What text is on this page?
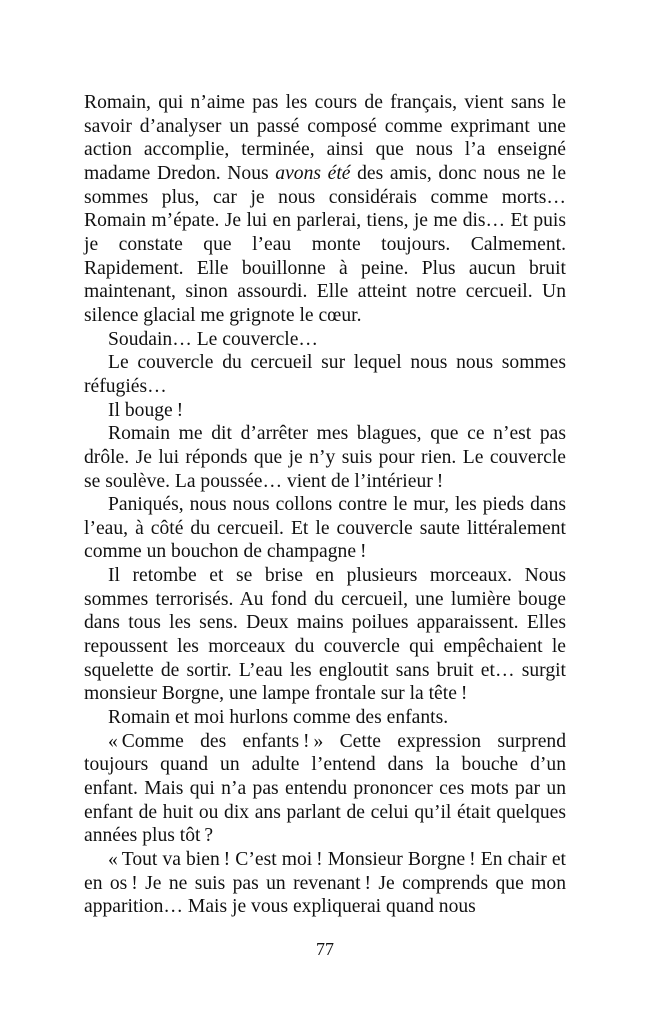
Romain, qui n’aime pas les cours de français, vient sans le savoir d’analyser un passé composé comme exprimant une action accomplie, terminée, ainsi que nous l’a enseigné madame Dredon. Nous avons été des amis, donc nous ne le sommes plus, car je nous considérais comme morts… Romain m’épate. Je lui en parlerai, tiens, je me dis… Et puis je constate que l’eau monte toujours. Calmement. Rapidement. Elle bouillonne à peine. Plus aucun bruit maintenant, sinon assourdi. Elle atteint notre cercueil. Un silence glacial me grignote le cœur.

Soudain… Le couvercle…

Le couvercle du cercueil sur lequel nous nous sommes réfugiés…

Il bouge !

Romain me dit d’arrêter mes blagues, que ce n’est pas drôle. Je lui réponds que je n’y suis pour rien. Le couvercle se soulève. La poussée… vient de l’intérieur !

Paniqués, nous nous collons contre le mur, les pieds dans l’eau, à côté du cercueil. Et le couvercle saute littéralement comme un bouchon de champagne !

Il retombe et se brise en plusieurs morceaux. Nous sommes terrorisés. Au fond du cercueil, une lumière bouge dans tous les sens. Deux mains poilues apparaissent. Elles repoussent les morceaux du couvercle qui empêchaient le squelette de sortir. L’eau les engloutit sans bruit et… surgit monsieur Borgne, une lampe frontale sur la tête !

Romain et moi hurlons comme des enfants.

« Comme des enfants ! » Cette expression surprend toujours quand un adulte l’entend dans la bouche d’un enfant. Mais qui n’a pas entendu prononcer ces mots par un enfant de huit ou dix ans parlant de celui qu’il était quelques années plus tôt ?

« Tout va bien ! C’est moi ! Monsieur Borgne ! En chair et en os ! Je ne suis pas un revenant ! Je comprends que mon apparition… Mais je vous expliquerai quand nous

77
